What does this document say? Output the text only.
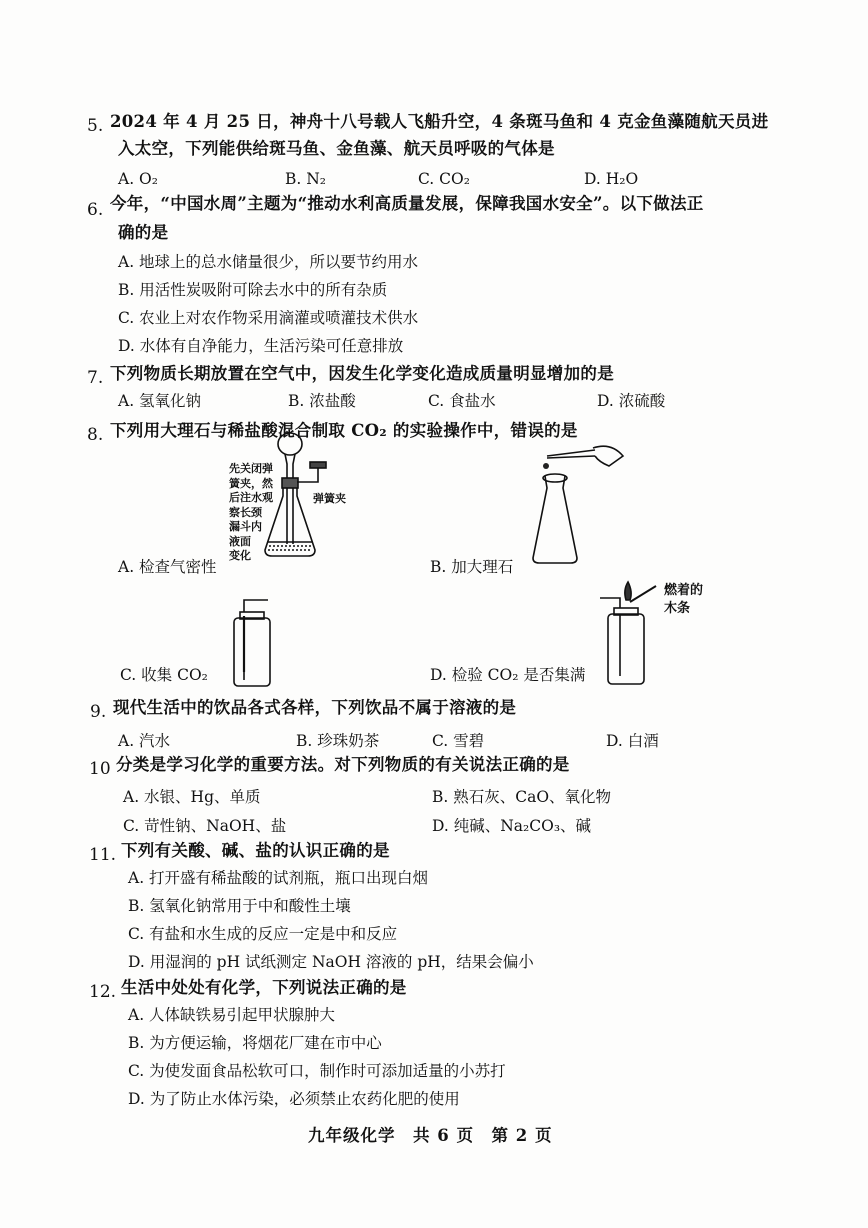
5. 2024 年 4 月 25 日，神舟十八号载人飞船升空，4 条斑马鱼和 4 克金鱼藻随航天员进
入太空，下列能供给斑马鱼、金鱼藻、航天员呼吸的气体是
A. O₂	B. N₂	C. CO₂	D. H₂O
6. 今年，“中国水周”主题为“推动水利高质量发展，保障我国水安全”。以下做法正
确的是
A. 地球上的总水储量很少，所以要节约用水
B. 用活性炭吸附可除去水中的所有杂质
C. 农业上对农作物采用滴灌或喷灌技术供水
D. 水体有自净能力，生活污染可任意排放
7. 下列物质长期放置在空气中，因发生化学变化造成质量明显增加的是
A. 氢氧化钠	B. 浓盐酸	C. 食盐水	D. 浓硫酸
8. 下列用大理石与稀盐酸混合制取 CO₂ 的实验操作中，错误的是
先关闭弹
簧夹，然
后注水观
察长颈
漏斗内
液面
变化
弹簧夹
A. 检查气密性	B. 加大理石
C. 收集 CO₂
燃着的
木条
D. 检验 CO₂ 是否集满
9. 现代生活中的饮品各式各样，下列饮品不属于溶液的是
A. 汽水	B. 珍珠奶茶	C. 雪碧	D. 白酒
10 分类是学习化学的重要方法。对下列物质的有关说法正确的是
A. 水银、Hg、单质	B. 熟石灰、CaO、氧化物
C. 苛性钠、NaOH、盐	D. 纯碱、Na₂CO₃、碱
11. 下列有关酸、碱、盐的认识正确的是
A. 打开盛有稀盐酸的试剂瓶，瓶口出现白烟
B. 氢氧化钠常用于中和酸性土壤
C. 有盐和水生成的反应一定是中和反应
D. 用湿润的 pH 试纸测定 NaOH 溶液的 pH，结果会偏小
12. 生活中处处有化学，下列说法正确的是
A. 人体缺铁易引起甲状腺肿大
B. 为方便运输，将烟花厂建在市中心
C. 为使发面食品松软可口，制作时可添加适量的小苏打
D. 为了防止水体污染，必须禁止农药化肥的使用
九年级化学　共 6 页　第 2 页
